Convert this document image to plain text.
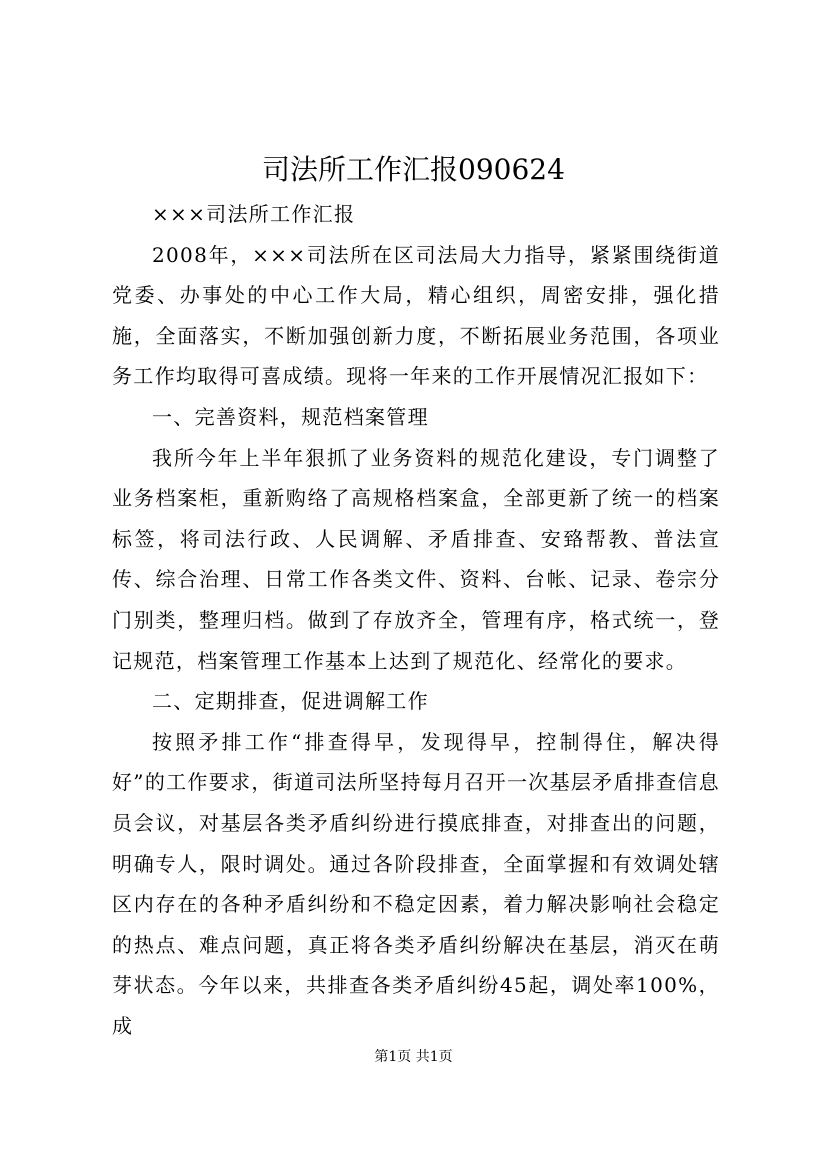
司法所工作汇报090624

×××司法所工作汇报

2008年，×××司法所在区司法局大力指导，紧紧围绕街道党委、办事处的中心工作大局，精心组织，周密安排，强化措施，全面落实，不断加强创新力度，不断拓展业务范围，各项业务工作均取得可喜成绩。现将一年来的工作开展情况汇报如下：

一、完善资料，规范档案管理

我所今年上半年狠抓了业务资料的规范化建设，专门调整了业务档案柜，重新购络了高规格档案盒，全部更新了统一的档案标签，将司法行政、人民调解、矛盾排查、安臵帮教、普法宣传、综合治理、日常工作各类文件、资料、台帐、记录、卷宗分门别类，整理归档。做到了存放齐全，管理有序，格式统一，登记规范，档案管理工作基本上达到了规范化、经常化的要求。

二、定期排查，促进调解工作

按照矛排工作“排查得早，发现得早，控制得住，解决得好”的工作要求，街道司法所坚持每月召开一次基层矛盾排查信息员会议，对基层各类矛盾纠纷进行摸底排查，对排查出的问题，明确专人，限时调处。通过各阶段排查，全面掌握和有效调处辖区内存在的各种矛盾纠纷和不稳定因素，着力解决影响社会稳定的热点、难点问题，真正将各类矛盾纠纷解决在基层，消灭在萌芽状态。今年以来，共排查各类矛盾纠纷45起，调处率100%，成

第1页 共1页
